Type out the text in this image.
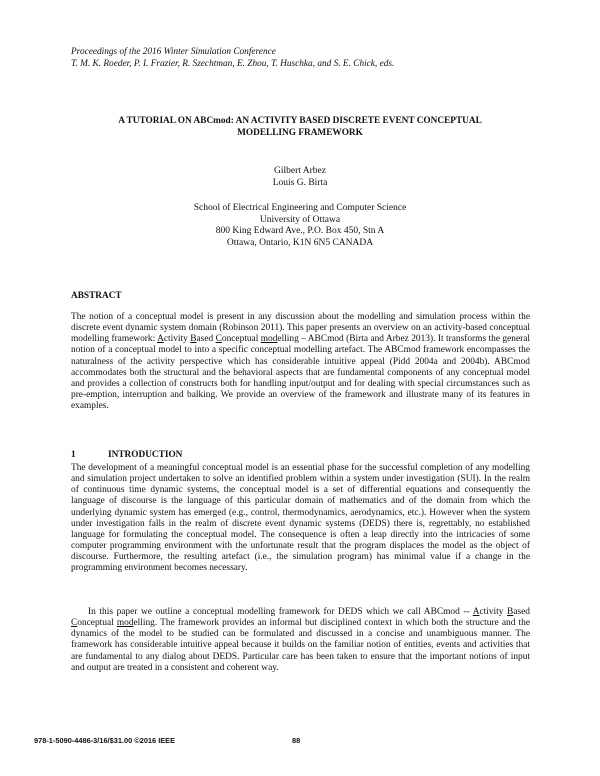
Proceedings of the 2016 Winter Simulation Conference
T. M. K. Roeder, P. I. Frazier, R. Szechtman, E. Zhou, T. Huschka, and S. E. Chick, eds.
A TUTORIAL ON ABCmod: AN ACTIVITY BASED DISCRETE EVENT CONCEPTUAL
MODELLING FRAMEWORK
Gilbert Arbez
Louis G. Birta
School of Electrical Engineering and Computer Science
University of Ottawa
800 King Edward Ave., P.O. Box 450, Stn A
Ottawa, Ontario, K1N 6N5 CANADA
ABSTRACT

The notion of a conceptual model is present in any discussion about the modelling and simulation process within the discrete event dynamic system domain (Robinson 2011). This paper presents an overview on an activity-based conceptual modelling framework: Activity Based Conceptual modelling – ABCmod (Birta and Arbez 2013). It transforms the general notion of a conceptual model to into a specific conceptual modelling artefact. The ABCmod framework encompasses the naturalness of the activity perspective which has considerable intuitive appeal (Pidd 2004a and 2004b). ABCmod accommodates both the structural and the behavioral aspects that are fundamental components of any conceptual model and provides a collection of constructs both for handling input/output and for dealing with special circumstances such as pre-emption, interruption and balking. We provide an overview of the framework and illustrate many of its features in examples.

1	INTRODUCTION

The development of a meaningful conceptual model is an essential phase for the successful completion of any modelling and simulation project undertaken to solve an identified problem within a system under investigation (SUI). In the realm of continuous time dynamic systems, the conceptual model is a set of differential equations and consequently the language of discourse is the language of this particular domain of mathematics and of the domain from which the underlying dynamic system has emerged (e.g., control, thermodynamics, aerodynamics, etc.). However when the system under investigation falls in the realm of discrete event dynamic systems (DEDS) there is, regrettably, no established language for formulating the conceptual model. The consequence is often a leap directly into the intricacies of some computer programming environment with the unfortunate result that the program displaces the model as the object of discourse. Furthermore, the resulting artefact (i.e., the simulation program) has minimal value if a change in the programming environment becomes necessary.

In this paper we outline a conceptual modelling framework for DEDS which we call ABCmod -- Activity Based Conceptual modelling. The framework provides an informal but disciplined context in which both the structure and the dynamics of the model to be studied can be formulated and discussed in a concise and unambiguous manner. The framework has considerable intuitive appeal because it builds on the familiar notion of entities, events and activities that are fundamental to any dialog about DEDS. Particular care has been taken to ensure that the important notions of input and output are treated in a consistent and coherent way.

978-1-5090-4486-3/16/$31.00 ©2016 IEEE	88
